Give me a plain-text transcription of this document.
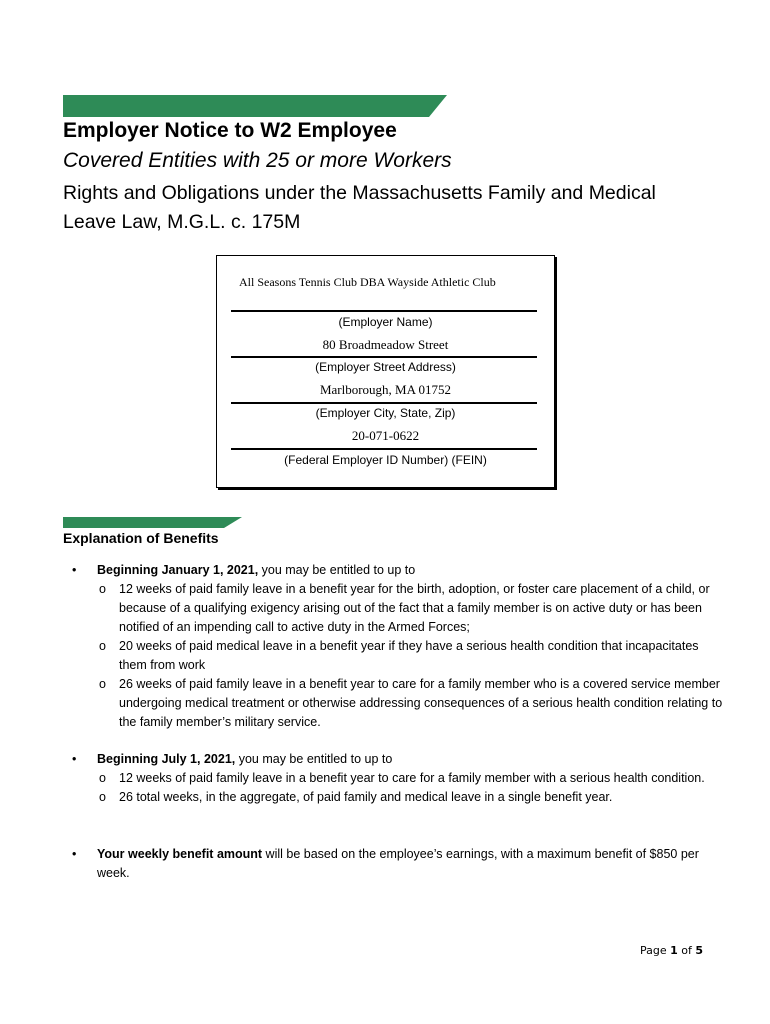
Employer Notice to W2 Employee
Covered Entities with 25 or more Workers
Rights and Obligations under the Massachusetts Family and Medical Leave Law, M.G.L. c. 175M
All Seasons Tennis Club DBA Wayside Athletic Club
(Employer Name)
80 Broadmeadow Street
(Employer Street Address)
Marlborough, MA 01752
(Employer City, State, Zip)
20-071-0622
(Federal Employer ID Number) (FEIN)
Explanation of Benefits
• Beginning January 1, 2021, you may be entitled to up to
o 12 weeks of paid family leave in a benefit year for the birth, adoption, or foster care placement of a child, or because of a qualifying exigency arising out of the fact that a family member is on active duty or has been notified of an impending call to active duty in the Armed Forces;
o 20 weeks of paid medical leave in a benefit year if they have a serious health condition that incapacitates them from work
o 26 weeks of paid family leave in a benefit year to care for a family member who is a covered service member undergoing medical treatment or otherwise addressing consequences of a serious health condition relating to the family member’s military service.
• Beginning July 1, 2021, you may be entitled to up to
o 12 weeks of paid family leave in a benefit year to care for a family member with a serious health condition.
o 26 total weeks, in the aggregate, of paid family and medical leave in a single benefit year.
• Your weekly benefit amount will be based on the employee’s earnings, with a maximum benefit of $850 per week.
Page 1 of 5
